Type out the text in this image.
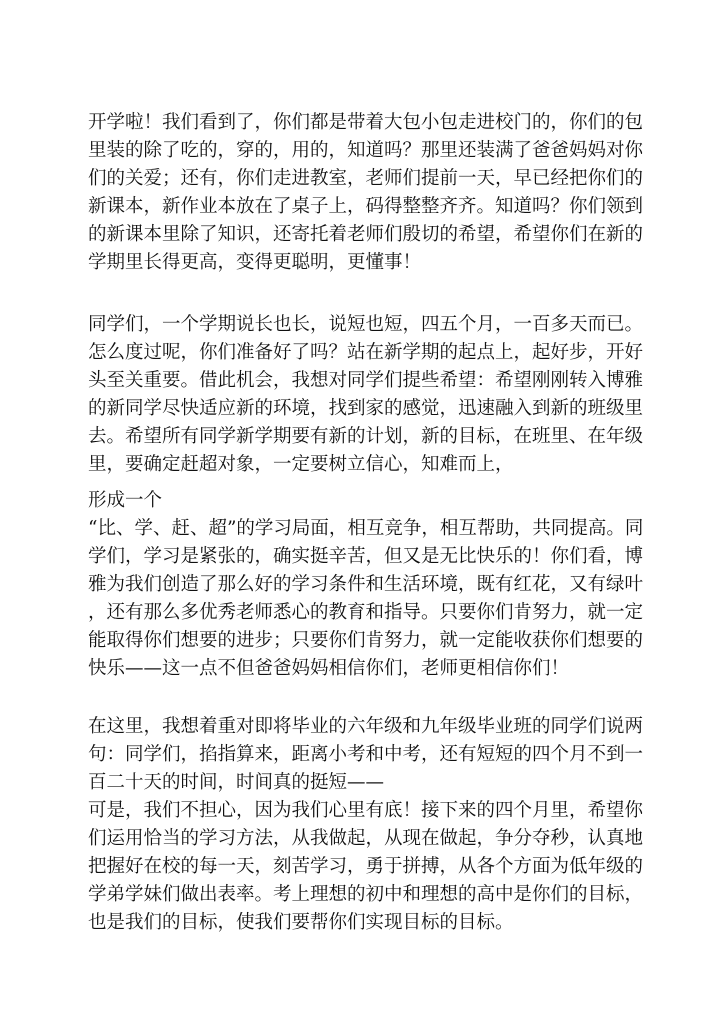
开学啦！我们看到了，你们都是带着大包小包走进校门的，你们的包
里装的除了吃的，穿的，用的，知道吗？那里还装满了爸爸妈妈对你
们的关爱；还有，你们走进教室，老师们提前一天，早已经把你们的
新课本，新作业本放在了桌子上，码得整整齐齐。知道吗？你们领到
的新课本里除了知识，还寄托着老师们殷切的希望，希望你们在新的
学期里长得更高，变得更聪明，更懂事！
同学们，一个学期说长也长，说短也短，四五个月，一百多天而已。
怎么度过呢，你们准备好了吗？站在新学期的起点上，起好步，开好
头至关重要。借此机会，我想对同学们提些希望：希望刚刚转入博雅
的新同学尽快适应新的环境，找到家的感觉，迅速融入到新的班级里
去。希望所有同学新学期要有新的计划，新的目标，在班里、在年级
里，要确定赶超对象，一定要树立信心，知难而上，
形成一个
“比、学、赶、超”的学习局面，相互竞争，相互帮助，共同提高。同
学们，学习是紧张的，确实挺辛苦，但又是无比快乐的！你们看，博
雅为我们创造了那么好的学习条件和生活环境，既有红花，又有绿叶
，还有那么多优秀老师悉心的教育和指导。只要你们肯努力，就一定
能取得你们想要的进步；只要你们肯努力，就一定能收获你们想要的
快乐——这一点不但爸爸妈妈相信你们，老师更相信你们！
在这里，我想着重对即将毕业的六年级和九年级毕业班的同学们说两
句：同学们，掐指算来，距离小考和中考，还有短短的四个月不到一
百二十天的时间，时间真的挺短——
可是，我们不担心，因为我们心里有底！接下来的四个月里，希望你
们运用恰当的学习方法，从我做起，从现在做起，争分夺秒，认真地
把握好在校的每一天，刻苦学习，勇于拼搏，从各个方面为低年级的
学弟学妹们做出表率。考上理想的初中和理想的高中是你们的目标，
也是我们的目标，使我们要帮你们实现目标的目标。
